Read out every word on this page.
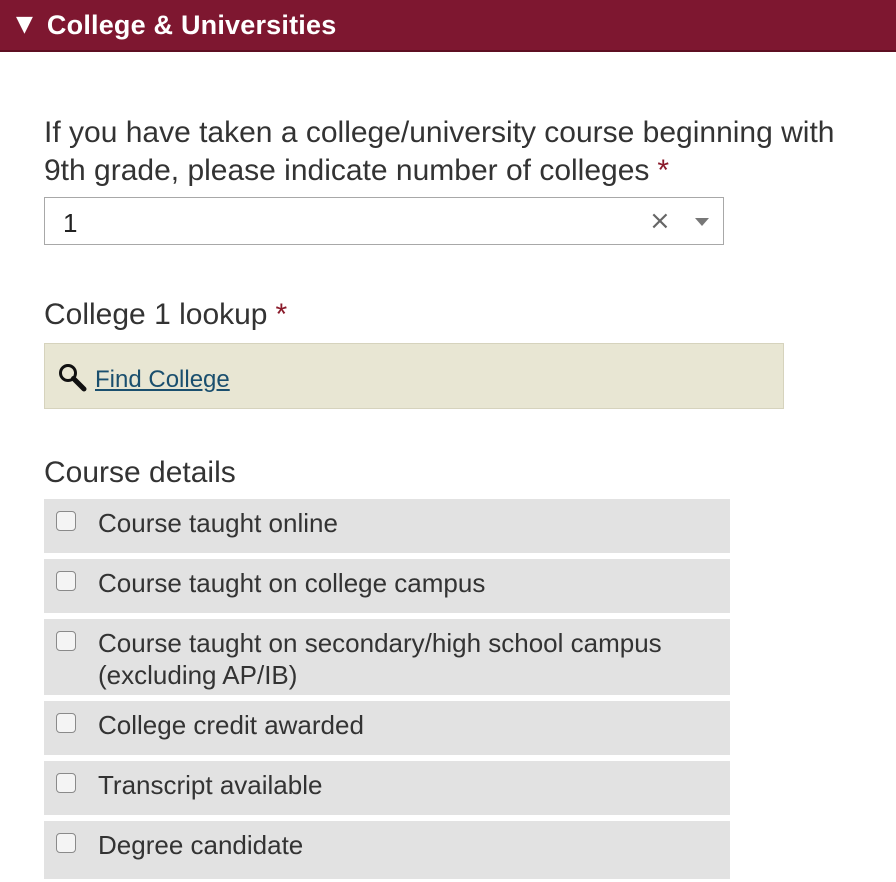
▼ College & Universities
If you have taken a college/university course beginning with 9th grade, please indicate number of colleges *
1	×
College 1 lookup *
Find College
Course details
Course taught online
Course taught on college campus
Course taught on secondary/high school campus (excluding AP/IB)
College credit awarded
Transcript available
Degree candidate
